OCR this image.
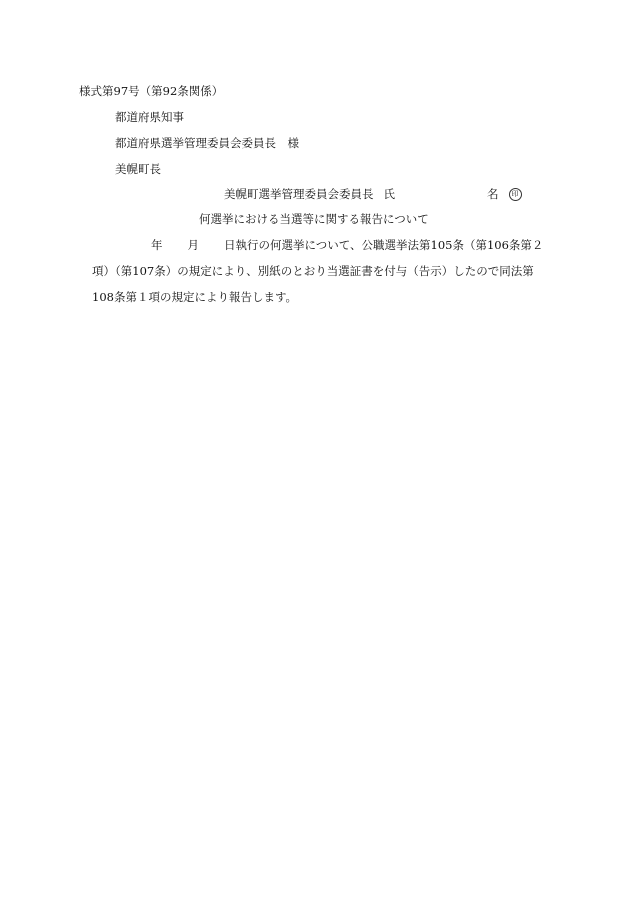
様式第97号（第92条関係）
都道府県知事
都道府県選挙管理委員会委員長　様
美幌町長
美幌町選挙管理委員会委員長 氏	名 印
何選挙における当選等に関する報告について
年 月 日執行の何選挙について、公職選挙法第105条（第106条第２
項）（第107条）の規定により、別紙のとおり当選証書を付与（告示）したので同法第
108条第１項の規定により報告します。
